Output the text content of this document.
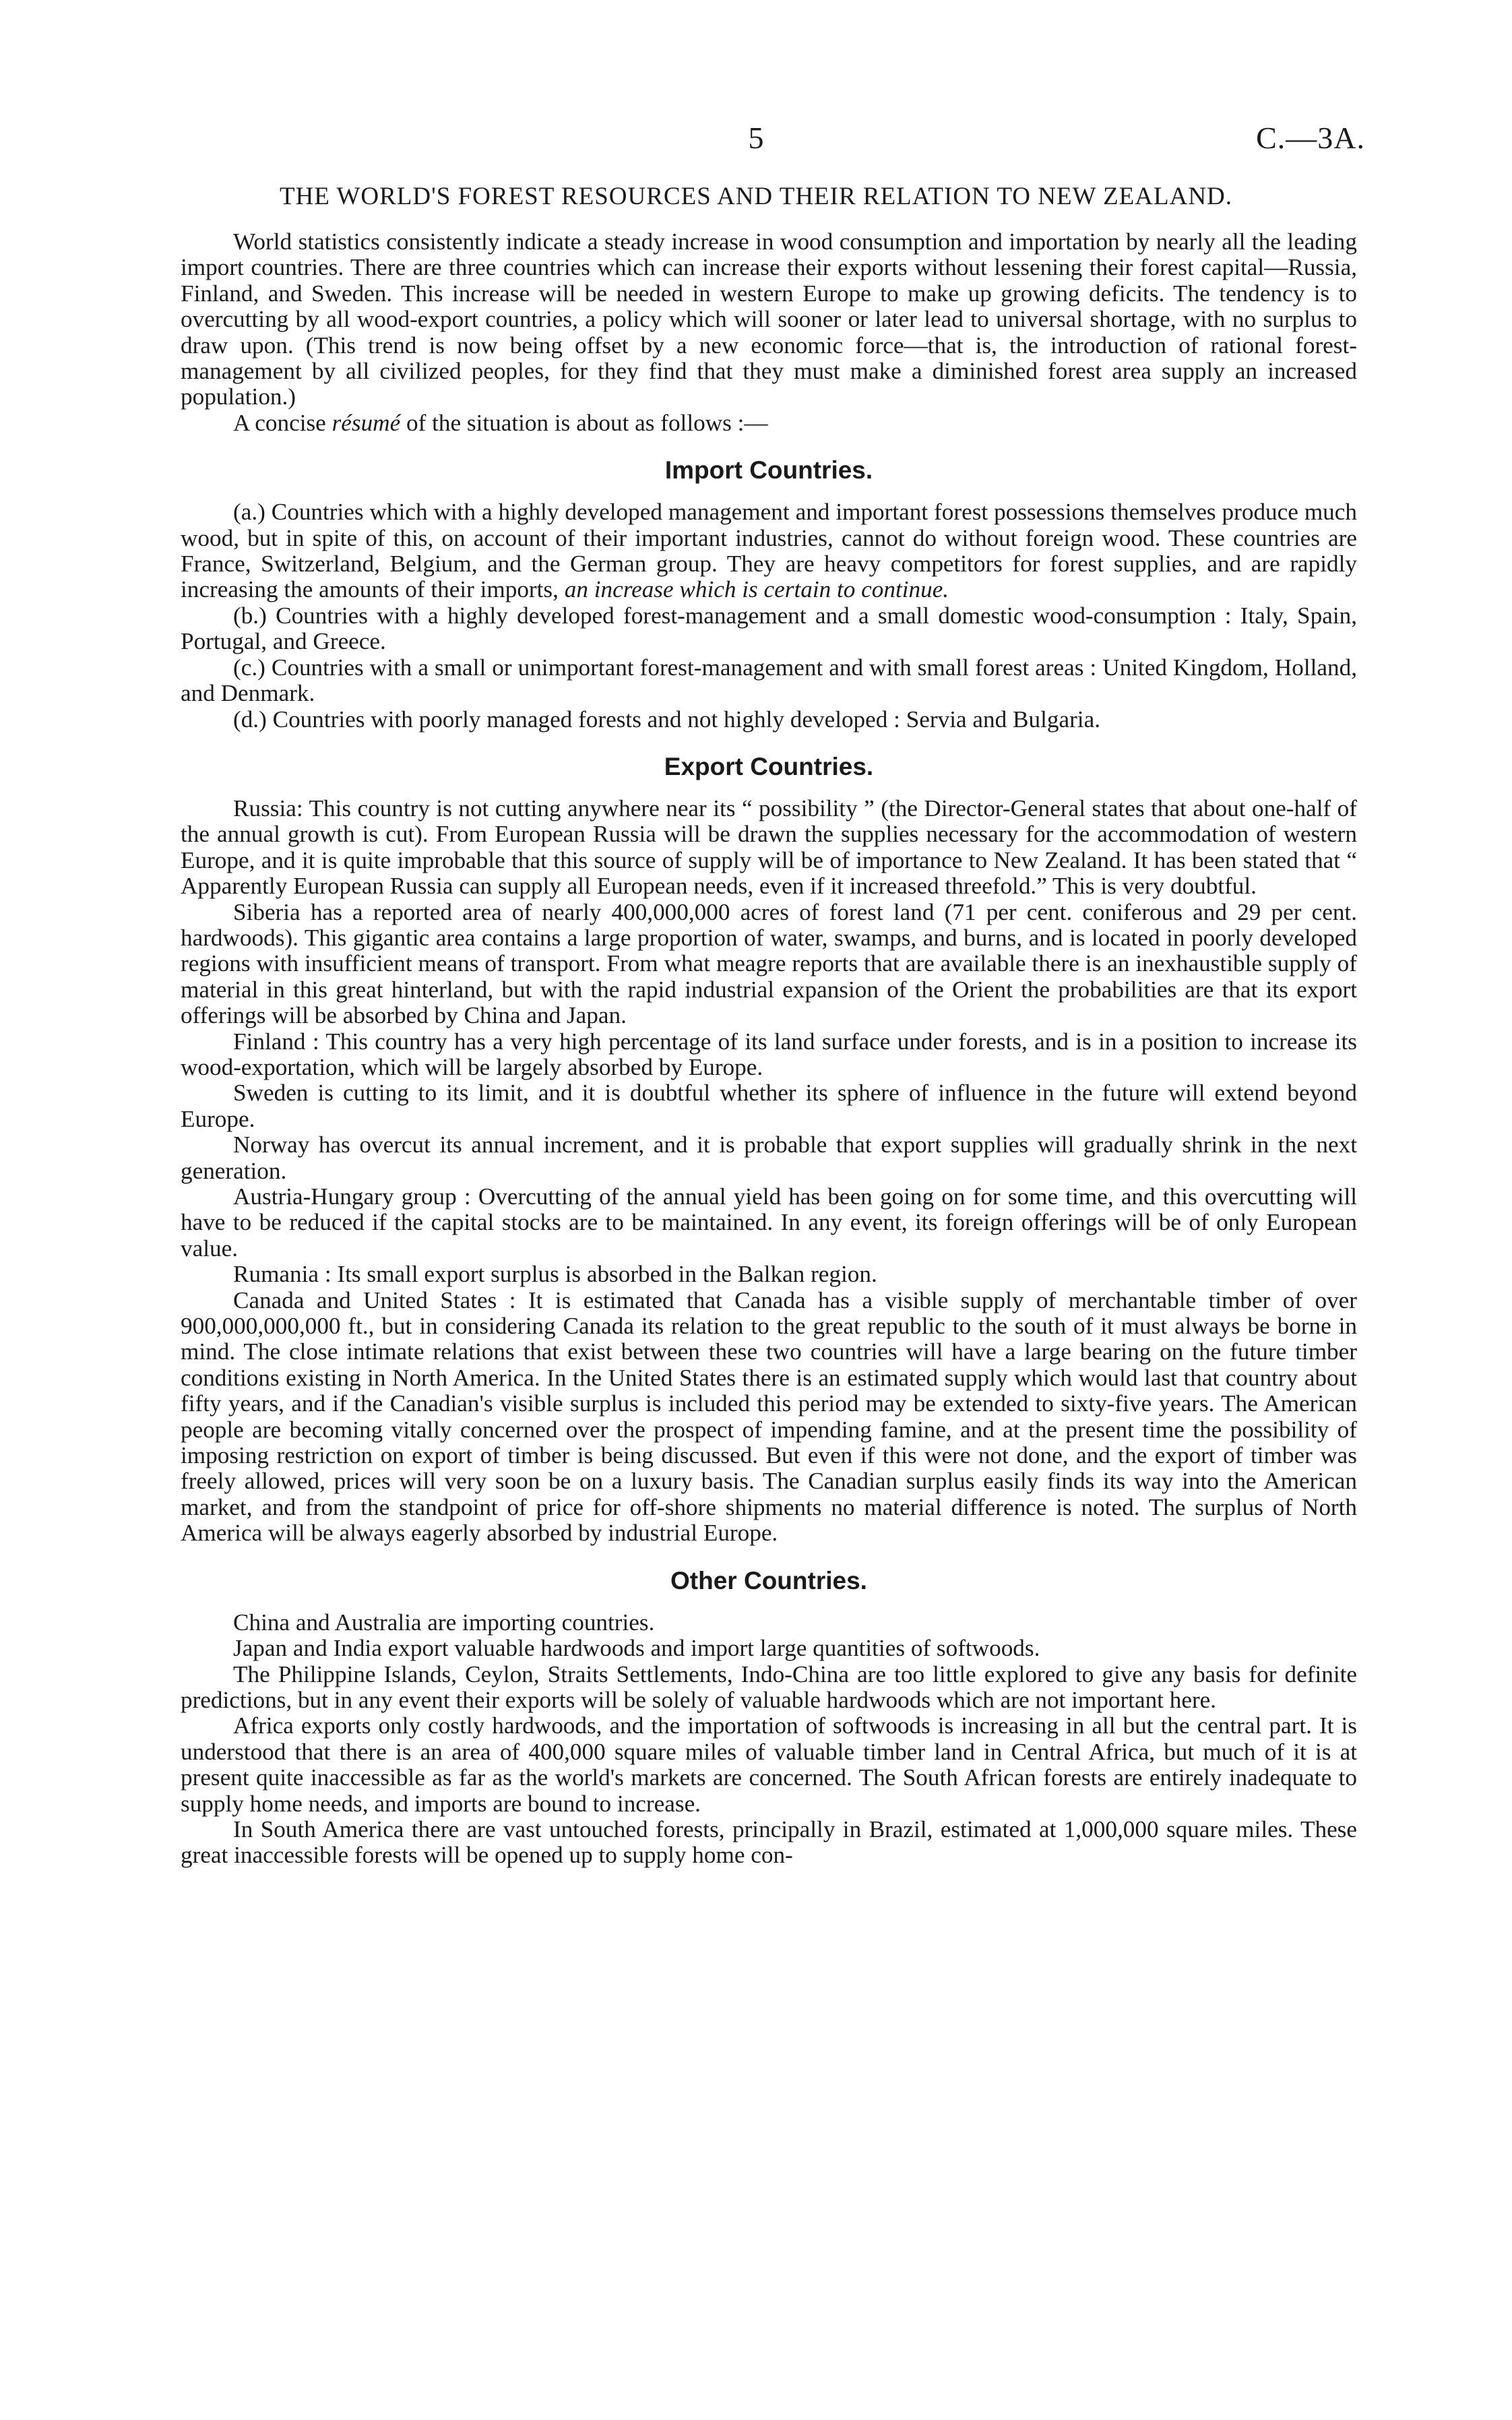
5	C.—3A.
THE WORLD'S FOREST RESOURCES AND THEIR RELATION TO NEW ZEALAND.

World statistics consistently indicate a steady increase in wood consumption and importation by nearly all the leading import countries. There are three countries which can increase their exports without lessening their forest capital—Russia, Finland, and Sweden. This increase will be needed in western Europe to make up growing deficits. The tendency is to overcutting by all wood-export countries, a policy which will sooner or later lead to universal shortage, with no surplus to draw upon. (This trend is now being offset by a new economic force—that is, the introduction of rational forest-management by all civilized peoples, for they find that they must make a diminished forest area supply an increased population.)

A concise résumé of the situation is about as follows :—

Import Countries.

(a.) Countries which with a highly developed management and important forest possessions themselves produce much wood, but in spite of this, on account of their important industries, cannot do without foreign wood. These countries are France, Switzerland, Belgium, and the German group. They are heavy competitors for forest supplies, and are rapidly increasing the amounts of their imports, an increase which is certain to continue.

(b.) Countries with a highly developed forest-management and a small domestic wood-consumption : Italy, Spain, Portugal, and Greece.

(c.) Countries with a small or unimportant forest-management and with small forest areas : United Kingdom, Holland, and Denmark.

(d.) Countries with poorly managed forests and not highly developed : Servia and Bulgaria.

Export Countries.

Russia: This country is not cutting anywhere near its “ possibility ” (the Director-General states that about one-half of the annual growth is cut). From European Russia will be drawn the supplies necessary for the accommodation of western Europe, and it is quite improbable that this source of supply will be of importance to New Zealand. It has been stated that “ Apparently European Russia can supply all European needs, even if it increased threefold.” This is very doubtful.

Siberia has a reported area of nearly 400,000,000 acres of forest land (71 per cent. coniferous and 29 per cent. hardwoods). This gigantic area contains a large proportion of water, swamps, and burns, and is located in poorly developed regions with insufficient means of transport. From what meagre reports that are available there is an inexhaustible supply of material in this great hinterland, but with the rapid industrial expansion of the Orient the probabilities are that its export offerings will be absorbed by China and Japan.

Finland : This country has a very high percentage of its land surface under forests, and is in a position to increase its wood-exportation, which will be largely absorbed by Europe.

Sweden is cutting to its limit, and it is doubtful whether its sphere of influence in the future will extend beyond Europe.

Norway has overcut its annual increment, and it is probable that export supplies will gradually shrink in the next generation.

Austria-Hungary group : Overcutting of the annual yield has been going on for some time, and this overcutting will have to be reduced if the capital stocks are to be maintained. In any event, its foreign offerings will be of only European value.

Rumania : Its small export surplus is absorbed in the Balkan region.

Canada and United States : It is estimated that Canada has a visible supply of merchantable timber of over 900,000,000,000 ft., but in considering Canada its relation to the great republic to the south of it must always be borne in mind. The close intimate relations that exist between these two countries will have a large bearing on the future timber conditions existing in North America. In the United States there is an estimated supply which would last that country about fifty years, and if the Canadian's visible surplus is included this period may be extended to sixty-five years. The American people are becoming vitally concerned over the prospect of impending famine, and at the present time the possibility of imposing restriction on export of timber is being discussed. But even if this were not done, and the export of timber was freely allowed, prices will very soon be on a luxury basis. The Canadian surplus easily finds its way into the American market, and from the standpoint of price for off-shore shipments no material difference is noted. The surplus of North America will be always eagerly absorbed by industrial Europe.

Other Countries.

China and Australia are importing countries.

Japan and India export valuable hardwoods and import large quantities of softwoods.

The Philippine Islands, Ceylon, Straits Settlements, Indo-China are too little explored to give any basis for definite predictions, but in any event their exports will be solely of valuable hardwoods which are not important here.

Africa exports only costly hardwoods, and the importation of softwoods is increasing in all but the central part. It is understood that there is an area of 400,000 square miles of valuable timber land in Central Africa, but much of it is at present quite inaccessible as far as the world's markets are concerned. The South African forests are entirely inadequate to supply home needs, and imports are bound to increase.

In South America there are vast untouched forests, principally in Brazil, estimated at 1,000,000 square miles. These great inaccessible forests will be opened up to supply home con-
